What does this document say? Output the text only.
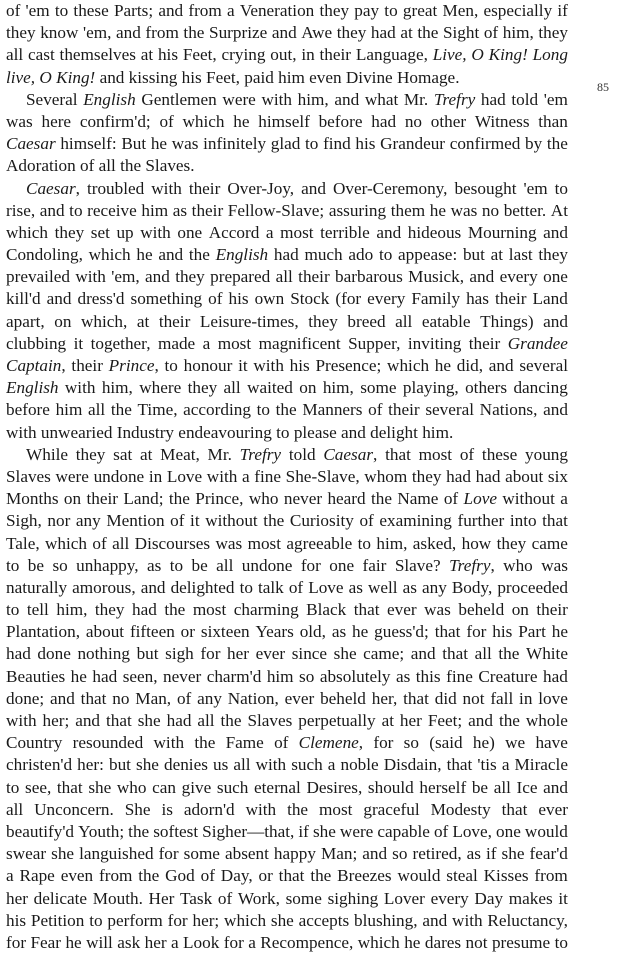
of 'em to these Parts; and from a Veneration they pay to great Men, especially if
they know 'em, and from the Surprize and Awe they had at the Sight of him, they
all cast themselves at his Feet, crying out, in their Language, Live, O King! Long
live, O King! and kissing his Feet, paid him even Divine Homage.
Several English Gentlemen were with him, and what Mr. Trefry had told 'em
was here confirm'd; of which he himself before had no other Witness than
Caesar himself: But he was infinitely glad to find his Grandeur confirmed by the
Adoration of all the Slaves.
Caesar, troubled with their Over-Joy, and Over-Ceremony, besought 'em to
rise, and to receive him as their Fellow-Slave; assuring them he was no better. At
which they set up with one Accord a most terrible and hideous Mourning and
Condoling, which he and the English had much ado to appease: but at last they
prevailed with 'em, and they prepared all their barbarous Musick, and every one
kill'd and dress'd something of his own Stock (for every Family has their Land
apart, on which, at their Leisure-times, they breed all eatable Things) and
clubbing it together, made a most magnificent Supper, inviting their Grandee
Captain, their Prince, to honour it with his Presence; which he did, and several
English with him, where they all waited on him, some playing, others dancing
before him all the Time, according to the Manners of their several Nations, and
with unwearied Industry endeavouring to please and delight him.
While they sat at Meat, Mr. Trefry told Caesar, that most of these young
Slaves were undone in Love with a fine She-Slave, whom they had had about six
Months on their Land; the Prince, who never heard the Name of Love without a
Sigh, nor any Mention of it without the Curiosity of examining further into that
Tale, which of all Discourses was most agreeable to him, asked, how they came
to be so unhappy, as to be all undone for one fair Slave? Trefry, who was
naturally amorous, and delighted to talk of Love as well as any Body, proceeded
to tell him, they had the most charming Black that ever was beheld on their
Plantation, about fifteen or sixteen Years old, as he guess'd; that for his Part he
had done nothing but sigh for her ever since she came; and that all the White
Beauties he had seen, never charm'd him so absolutely as this fine Creature had
done; and that no Man, of any Nation, ever beheld her, that did not fall in love
with her; and that she had all the Slaves perpetually at her Feet; and the whole
Country resounded with the Fame of Clemene, for so (said he) we have
christen'd her: but she denies us all with such a noble Disdain, that 'tis a Miracle
to see, that she who can give such eternal Desires, should herself be all Ice and
all Unconcern. She is adorn'd with the most graceful Modesty that ever
beautify'd Youth; the softest Sigher—that, if she were capable of Love, one would
swear she languished for some absent happy Man; and so retired, as if she fear'd
a Rape even from the God of Day, or that the Breezes would steal Kisses from
her delicate Mouth. Her Task of Work, some sighing Lover every Day makes it
his Petition to perform for her; which she accepts blushing, and with Reluctancy,
for Fear he will ask her a Look for a Recompence, which he dares not presume to
85
